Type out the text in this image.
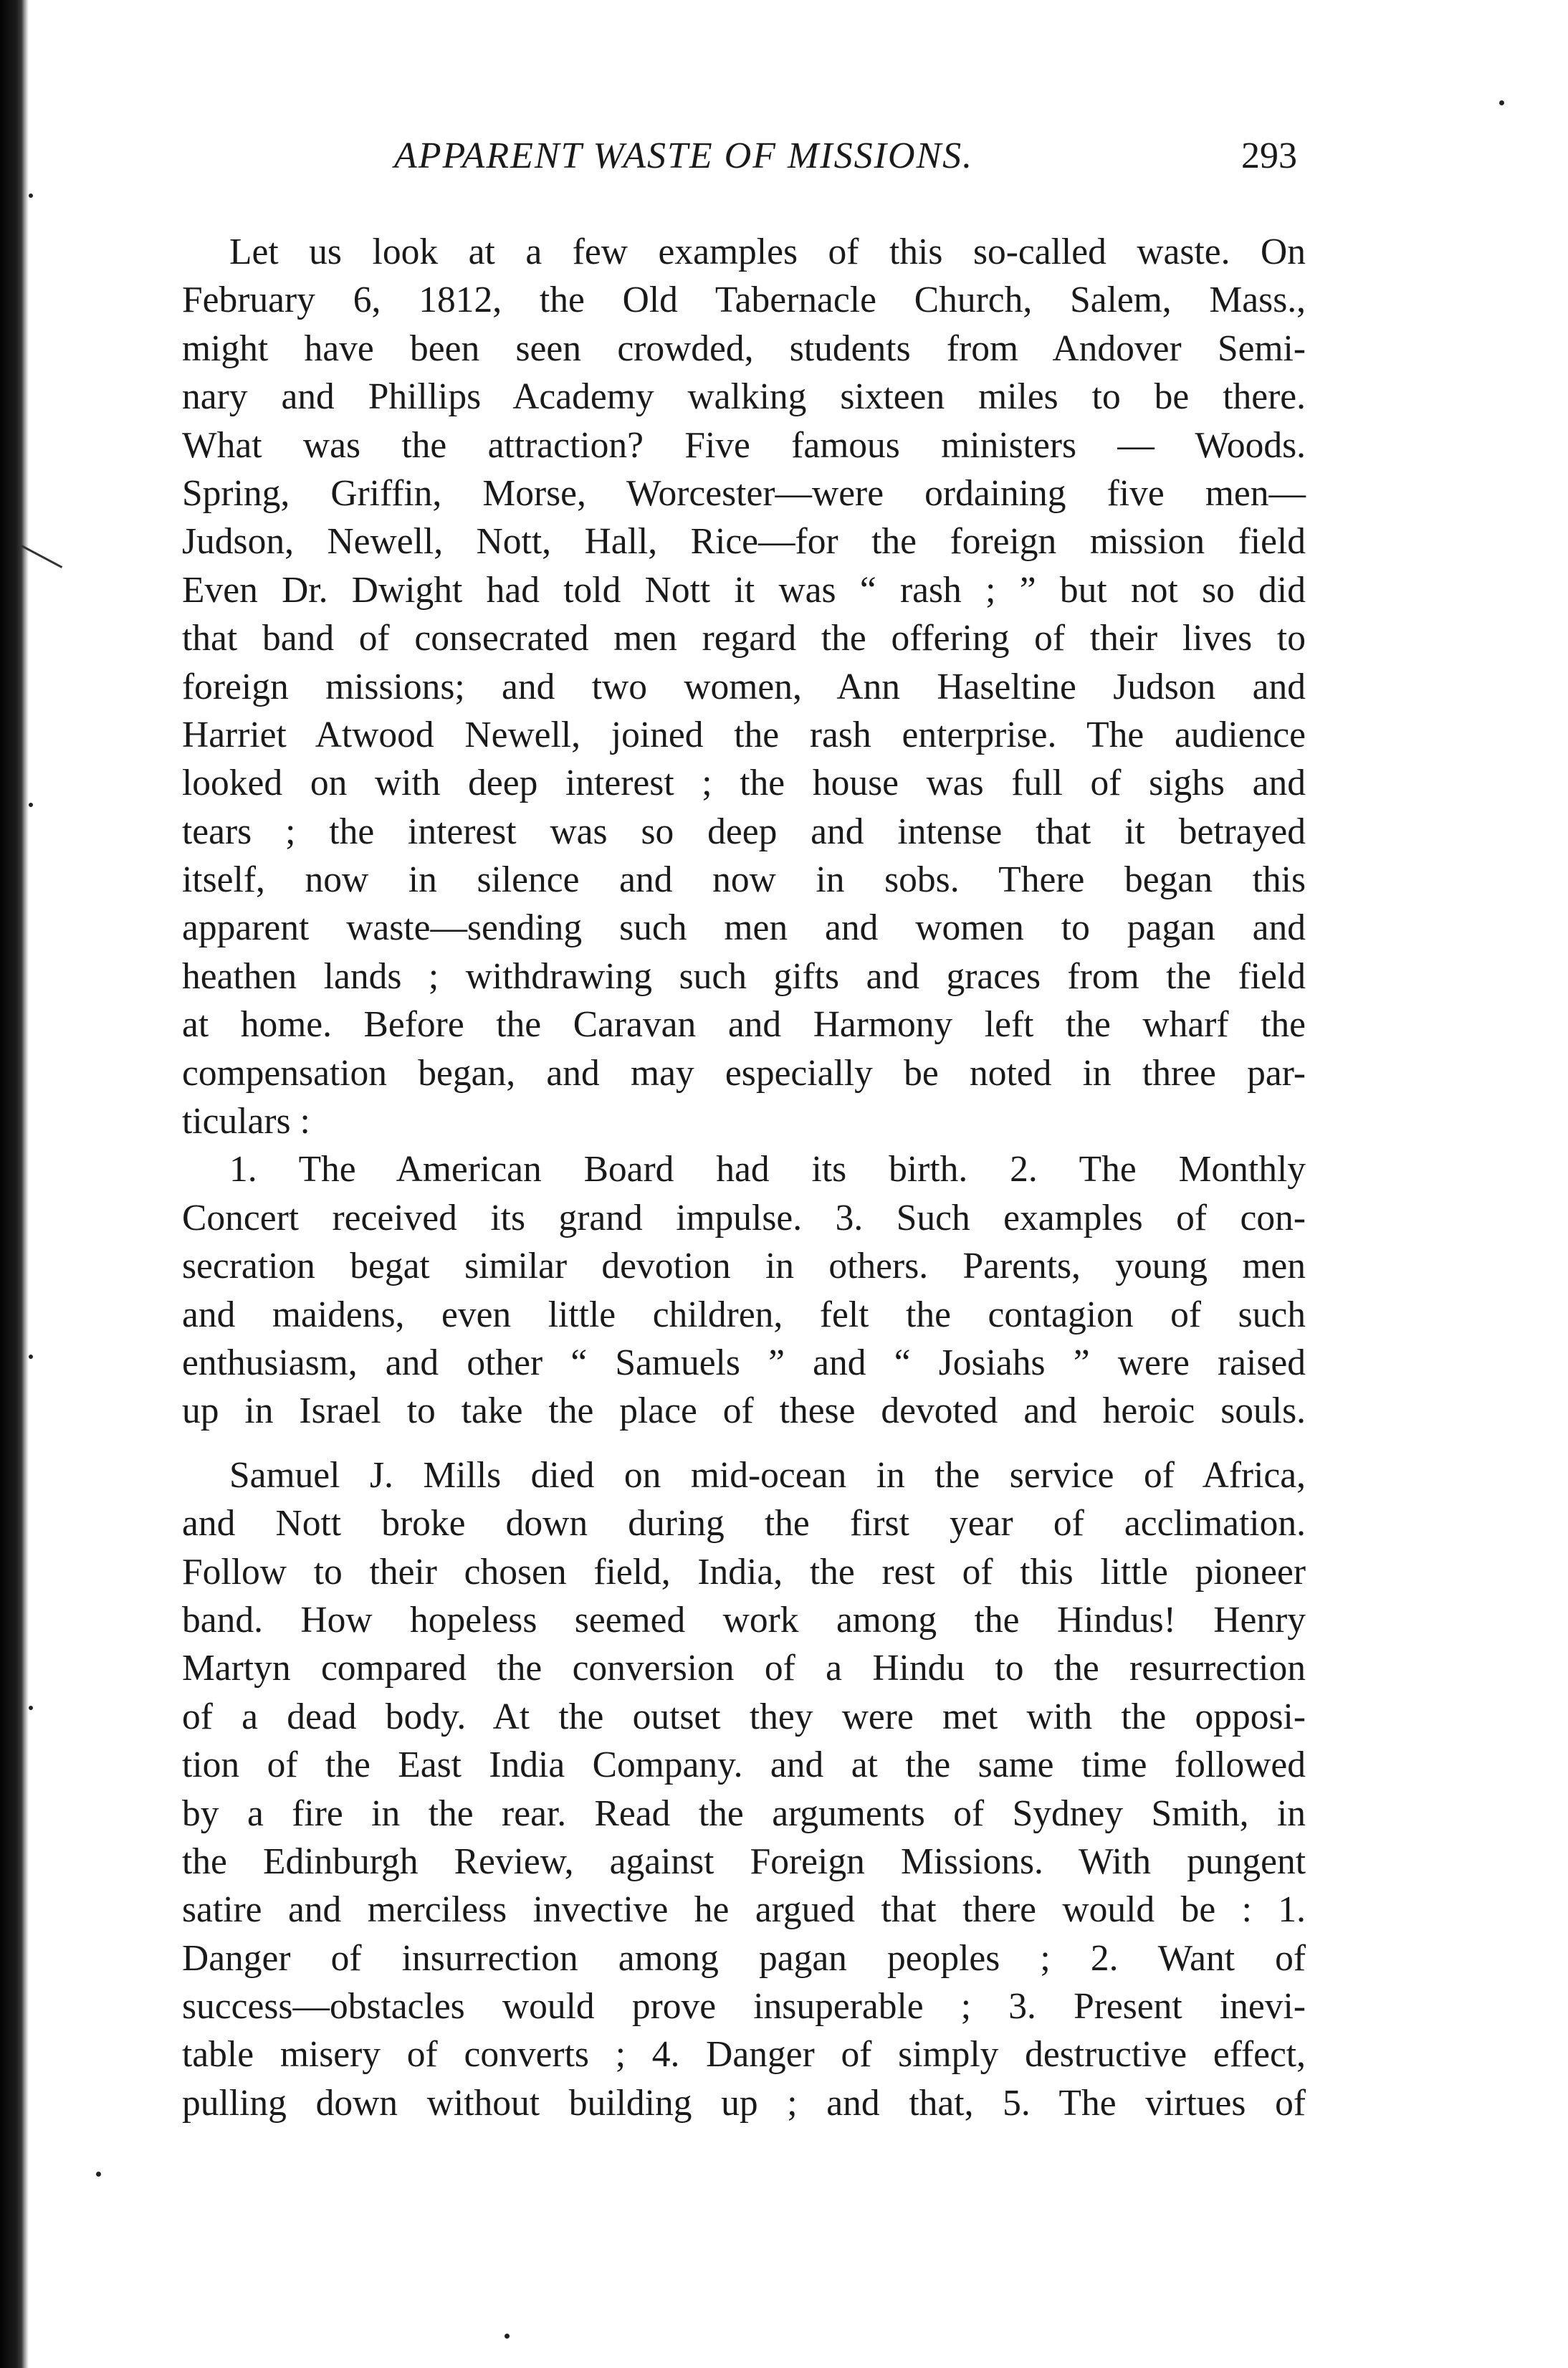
APPARENT WASTE OF MISSIONS.	293
Let us look at a few examples of this so-called waste. On
February 6, 1812, the Old Tabernacle Church, Salem, Mass.,
might have been seen crowded, students from Andover Semi-
nary and Phillips Academy walking sixteen miles to be there.
What was the attraction? Five famous ministers — Woods.
Spring, Griffin, Morse, Worcester—were ordaining five men—
Judson, Newell, Nott, Hall, Rice—for the foreign mission field
Even Dr. Dwight had told Nott it was “ rash ; ” but not so did
that band of consecrated men regard the offering of their lives to
foreign missions; and two women, Ann Haseltine Judson and
Harriet Atwood Newell, joined the rash enterprise. The audience
looked on with deep interest ; the house was full of sighs and
tears ; the interest was so deep and intense that it betrayed
itself, now in silence and now in sobs. There began this
apparent waste—sending such men and women to pagan and
heathen lands ; withdrawing such gifts and graces from the field
at home. Before the Caravan and Harmony left the wharf the
compensation began, and may especially be noted in three par-
ticulars :
1. The American Board had its birth. 2. The Monthly
Concert received its grand impulse. 3. Such examples of con-
secration begat similar devotion in others. Parents, young men
and maidens, even little children, felt the contagion of such
enthusiasm, and other “ Samuels ” and “ Josiahs ” were raised
up in Israel to take the place of these devoted and heroic souls.
Samuel J. Mills died on mid-ocean in the service of Africa,
and Nott broke down during the first year of acclimation.
Follow to their chosen field, India, the rest of this little pioneer
band. How hopeless seemed work among the Hindus! Henry
Martyn compared the conversion of a Hindu to the resurrection
of a dead body. At the outset they were met with the opposi-
tion of the East India Company. and at the same time followed
by a fire in the rear. Read the arguments of Sydney Smith, in
the Edinburgh Review, against Foreign Missions. With pungent
satire and merciless invective he argued that there would be : 1.
Danger of insurrection among pagan peoples ; 2. Want of
success—obstacles would prove insuperable ; 3. Present inevi-
table misery of converts ; 4. Danger of simply destructive effect,
pulling down without building up ; and that, 5. The virtues of
